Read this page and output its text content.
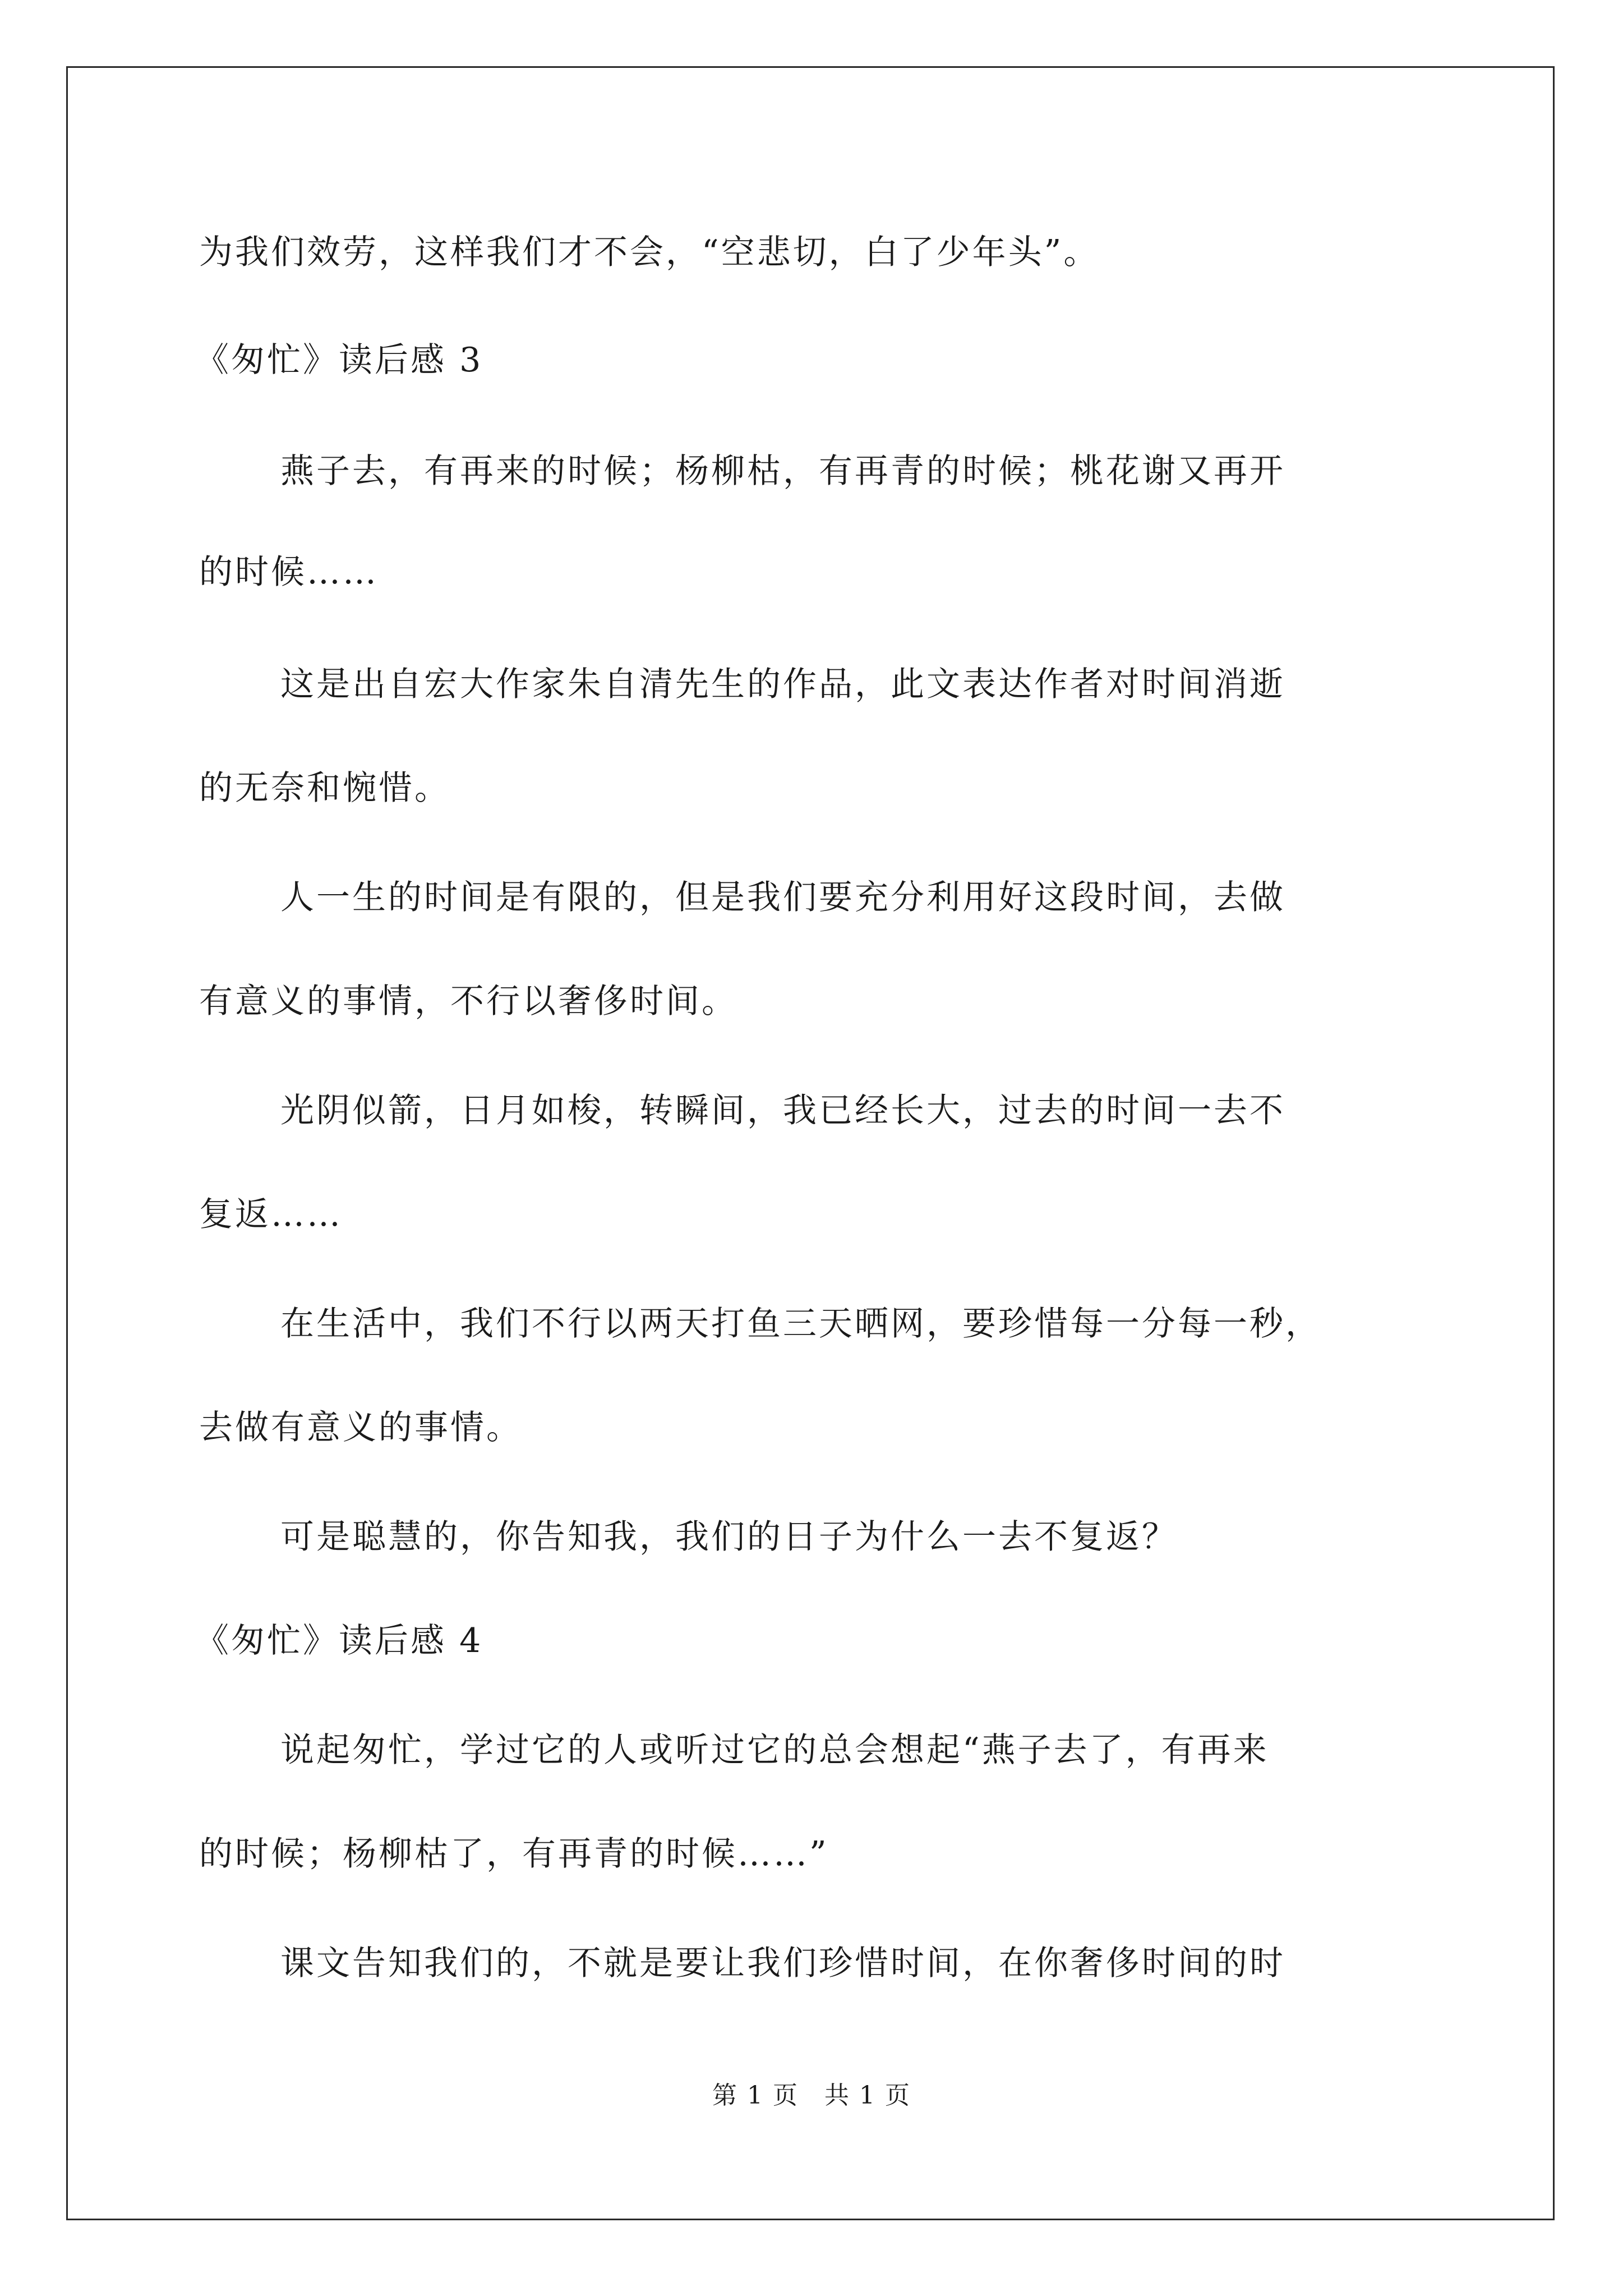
为我们效劳，这样我们才不会，“空悲切，白了少年头”。
《匆忙》读后感 3
燕子去，有再来的时候；杨柳枯，有再青的时候；桃花谢又再开
的时候……
这是出自宏大作家朱自清先生的作品，此文表达作者对时间消逝
的无奈和惋惜。
人一生的时间是有限的，但是我们要充分利用好这段时间，去做
有意义的事情，不行以奢侈时间。
光阴似箭，日月如梭，转瞬间，我已经长大，过去的时间一去不
复返……
在生活中，我们不行以两天打鱼三天晒网，要珍惜每一分每一秒，
去做有意义的事情。
可是聪慧的，你告知我，我们的日子为什么一去不复返？
《匆忙》读后感 4
说起匆忙，学过它的人或听过它的总会想起“燕子去了，有再来
的时候；杨柳枯了，有再青的时候……”
课文告知我们的，不就是要让我们珍惜时间，在你奢侈时间的时
第 1 页　共 1 页
